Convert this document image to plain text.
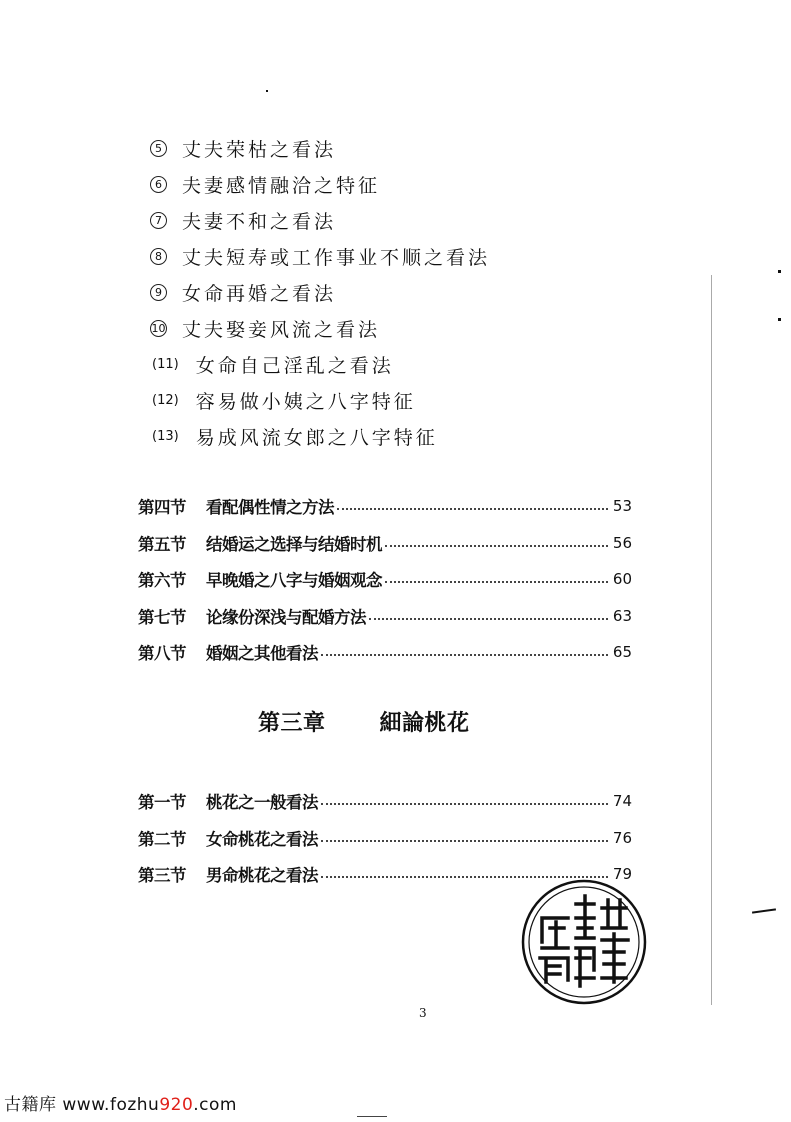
5 丈夫荣枯之看法
6 夫妻感情融洽之特征
7 夫妻不和之看法
8 丈夫短寿或工作事业不顺之看法
9 女命再婚之看法
10 丈夫娶妾风流之看法
( 11 ) 女命自己淫乱之看法
( 12 ) 容易做小姨之八字特征
( 13 ) 易成风流女郎之八字特征
第四节	看配偶性情之方法	53
第五节	结婚运之选择与结婚时机	56
第六节	早晚婚之八字与婚姻观念	60
第七节	论缘份深浅与配婚方法	63
第八节	婚姻之其他看法	65
第三章 細論桃花
第一节	桃花之一般看法	74
第二节	女命桃花之看法	76
第三节	男命桃花之看法	79
3
古籍库 www.fozhu920.com
